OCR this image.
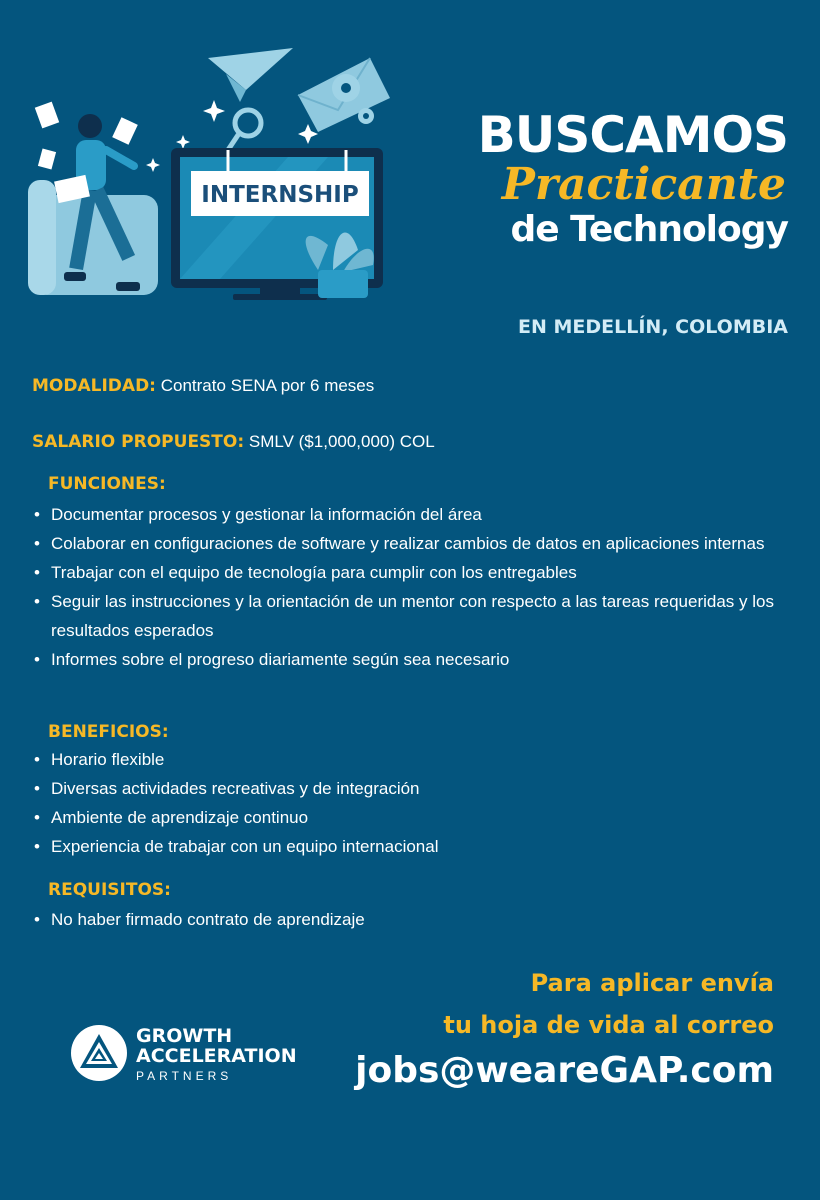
INTERNSHIP
BUSCAMOS
Practicante
de Technology
EN MEDELLÍN, COLOMBIA
MODALIDAD: Contrato SENA por 6 meses
SALARIO PROPUESTO: SMLV ($1,000,000) COL
FUNCIONES:
• Documentar procesos y gestionar la información del área
• Colaborar en configuraciones de software y realizar cambios de datos en aplicaciones internas
• Trabajar con el equipo de tecnología para cumplir con los entregables
• Seguir las instrucciones y la orientación de un mentor con respecto a las tareas requeridas y los resultados esperados
• Informes sobre el progreso diariamente según sea necesario
BENEFICIOS:
• Horario flexible
• Diversas actividades recreativas y de integración
• Ambiente de aprendizaje continuo
• Experiencia de trabajar con un equipo internacional
REQUISITOS:
• No haber firmado contrato de aprendizaje
Para aplicar envía
tu hoja de vida al correo
jobs@weareGAP.com
GROWTH
ACCELERATION
PARTNERS
